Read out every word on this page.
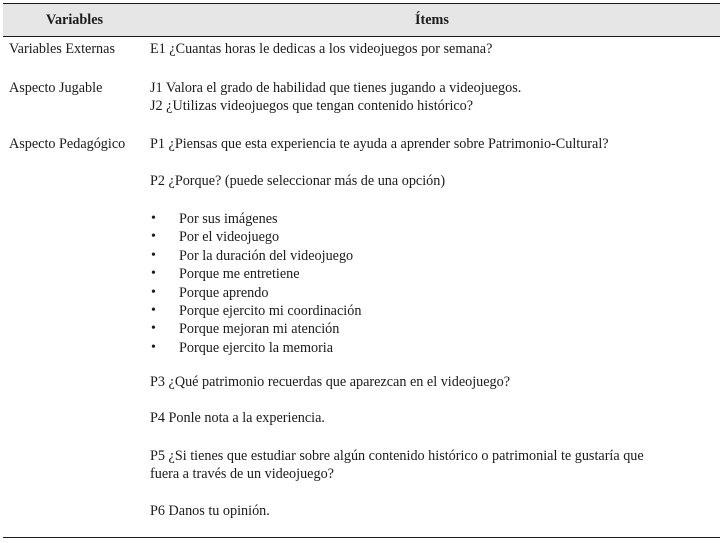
Variables	Ítems
Variables Externas E1 ¿Cuantas horas le dedicas a los videojuegos por semana?
Aspecto Jugable	J1 Valora el grado de habilidad que tienes jugando a videojuegos.
J2 ¿Utilizas videojuegos que tengan contenido histórico?
Aspecto Pedagógico P1 ¿Piensas que esta experiencia te ayuda a aprender sobre Patrimonio-Cultural?
P2 ¿Porque? (puede seleccionar más de una opción)
• Por sus imágenes
• Por el videojuego
• Por la duración del videojuego
• Porque me entretiene
• Porque aprendo
• Porque ejercito mi coordinación
• Porque mejoran mi atención
• Porque ejercito la memoria
P3 ¿Qué patrimonio recuerdas que aparezcan en el videojuego?
P4 Ponle nota a la experiencia.
P5 ¿Si tienes que estudiar sobre algún contenido histórico o patrimonial te gustaría que
fuera a través de un videojuego?
P6 Danos tu opinión.
